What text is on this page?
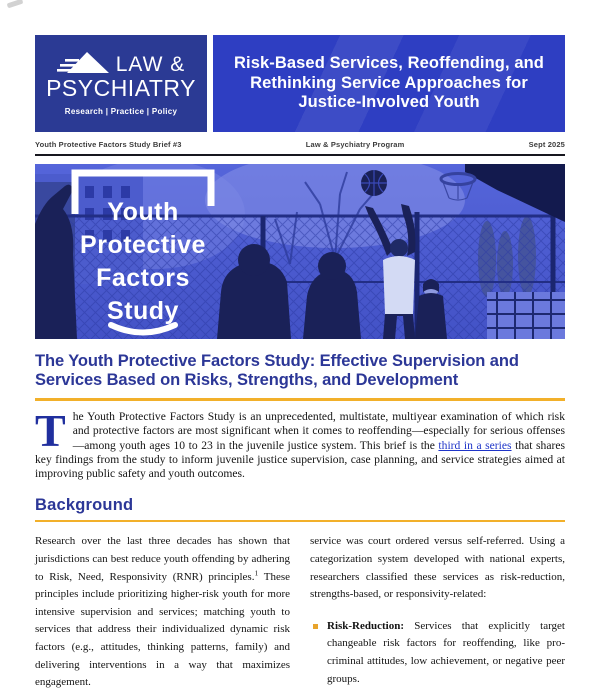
LAW &
PSYCHIATRY
Research | Practice | Policy
Risk-Based Services, Reoffending, and Rethinking Service Approaches for Justice-Involved Youth
Youth Protective Factors Study Brief #3	Law & Psychiatry Program	Sept 2025
Youth
Protective
Factors
Study
The Youth Protective Factors Study: Effective Supervision and Services Based on Risks, Strengths, and Development

The Youth Protective Factors Study is an unprecedented, multistate, multiyear examination of which risk and protective factors are most significant when it comes to reoffending—especially for serious offenses—among youth ages 10 to 23 in the juvenile justice system. This brief is the third in a series that shares key findings from the study to inform juvenile justice supervision, case planning, and service strategies aimed at improving public safety and youth outcomes.

Background
Research over the last three decades has shown that jurisdictions can best reduce youth offending by adhering to Risk, Need, Responsivity (RNR) principles.$^1$ These principles include prioritizing higher-risk youth for more intensive supervision and services; matching youth to services that address their individualized dynamic risk factors (e.g., attitudes, thinking patterns, family) and delivering interventions in a way that maximizes engagement.
service was court ordered versus self-referred. Using a categorization system developed with national experts, researchers classified these services as risk-reduction, strengths-based, or responsivity-related:
Risk-Reduction: Services that explicitly target changeable risk factors for reoffending, like pro-criminal attitudes, low achievement, or negative peer groups.
